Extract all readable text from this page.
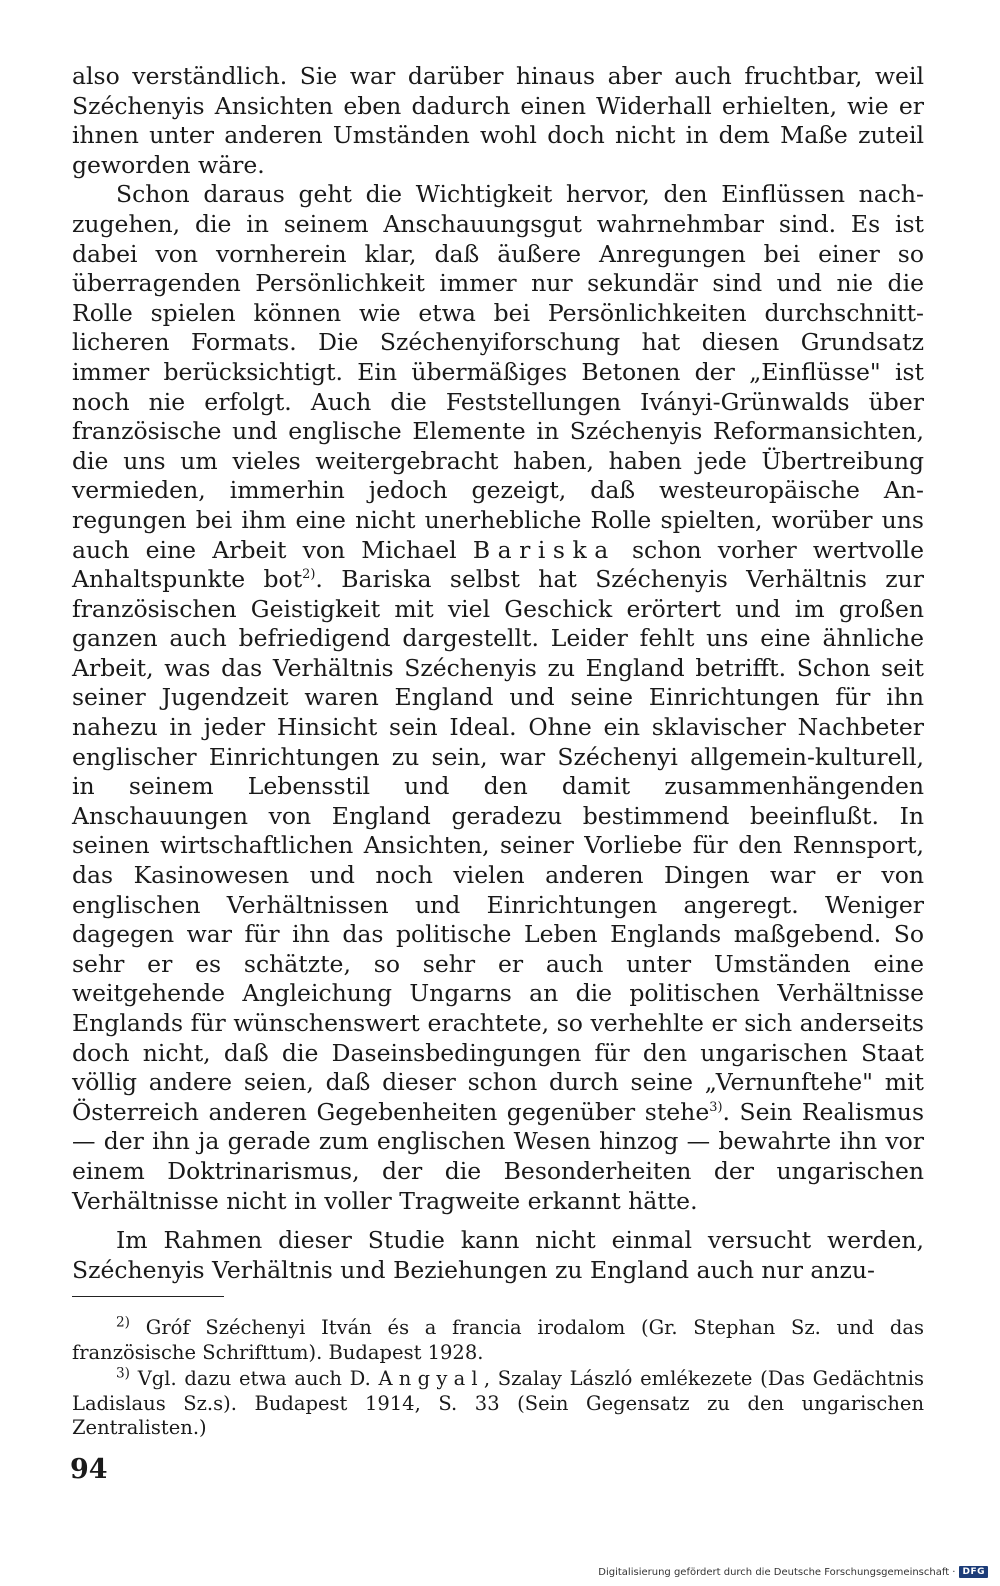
also verständlich. Sie war darüber hinaus aber auch fruchtbar, weil Széchenyis Ansichten eben dadurch einen Widerhall erhielten, wie er ihnen unter anderen Umständen wohl doch nicht in dem Maße zuteil geworden wäre.

Schon daraus geht die Wichtigkeit hervor, den Einflüssen nachzugehen, die in seinem Anschauungsgut wahrnehmbar sind. Es ist dabei von vornherein klar, daß äußere Anregungen bei einer so überragenden Persönlichkeit immer nur sekundär sind und nie die Rolle spielen können wie etwa bei Persönlichkeiten durchschnittlicheren Formats. Die Széchenyiforschung hat diesen Grundsatz immer berücksichtigt. Ein übermäßiges Betonen der „Einflüsse" ist noch nie erfolgt. Auch die Feststellungen Iványi-Grünwalds über französische und englische Elemente in Széchenyis Reformansichten, die uns um vieles weitergebracht haben, haben jede Übertreibung vermieden, immerhin jedoch gezeigt, daß westeuropäische Anregungen bei ihm eine nicht unerhebliche Rolle spielten, worüber uns auch eine Arbeit von Michael Bariska schon vorher wertvolle Anhaltspunkte bot$^{2)}$. Bariska selbst hat Széchenyis Verhältnis zur französischen Geistigkeit mit viel Geschick erörtert und im großen ganzen auch befriedigend dargestellt. Leider fehlt uns eine ähnliche Arbeit, was das Verhältnis Széchenyis zu England betrifft. Schon seit seiner Jugendzeit waren England und seine Einrichtungen für ihn nahezu in jeder Hinsicht sein Ideal. Ohne ein sklavischer Nachbeter englischer Einrichtungen zu sein, war Széchenyi allgemein-kulturell, in seinem Lebensstil und den damit zusammenhängenden Anschauungen von England geradezu bestimmend beeinflußt. In seinen wirtschaftlichen Ansichten, seiner Vorliebe für den Rennsport, das Kasinowesen und noch vielen anderen Dingen war er von englischen Verhältnissen und Einrichtungen angeregt. Weniger dagegen war für ihn das politische Leben Englands maßgebend. So sehr er es schätzte, so sehr er auch unter Umständen eine weitgehende Angleichung Ungarns an die politischen Verhältnisse Englands für wünschenswert erachtete, so verhehlte er sich anderseits doch nicht, daß die Daseinsbedingungen für den ungarischen Staat völlig andere seien, daß dieser schon durch seine „Vernunftehe" mit Österreich anderen Gegebenheiten gegenüber stehe$^{3)}$. Sein Realismus — der ihn ja gerade zum englischen Wesen hinzog — bewahrte ihn vor einem Doktrinarismus, der die Besonderheiten der ungarischen Verhältnisse nicht in voller Tragweite erkannt hätte.

Im Rahmen dieser Studie kann nicht einmal versucht werden, Széchenyis Verhältnis und Beziehungen zu England auch nur anzu-

$^{2)}$ Gróf Széchenyi Itván és a francia irodalom (Gr. Stephan Sz. und das französische Schrifttum). Budapest 1928.

$^{3)}$ Vgl. dazu etwa auch D. Angyal, Szalay László emlékezete (Das Gedächtnis Ladislaus Sz.s). Budapest 1914, S. 33 (Sein Gegensatz zu den ungarischen Zentralisten.)

94
Digitalisierung gefördert durch die Deutsche Forschungsgemeinschaft · DFG
